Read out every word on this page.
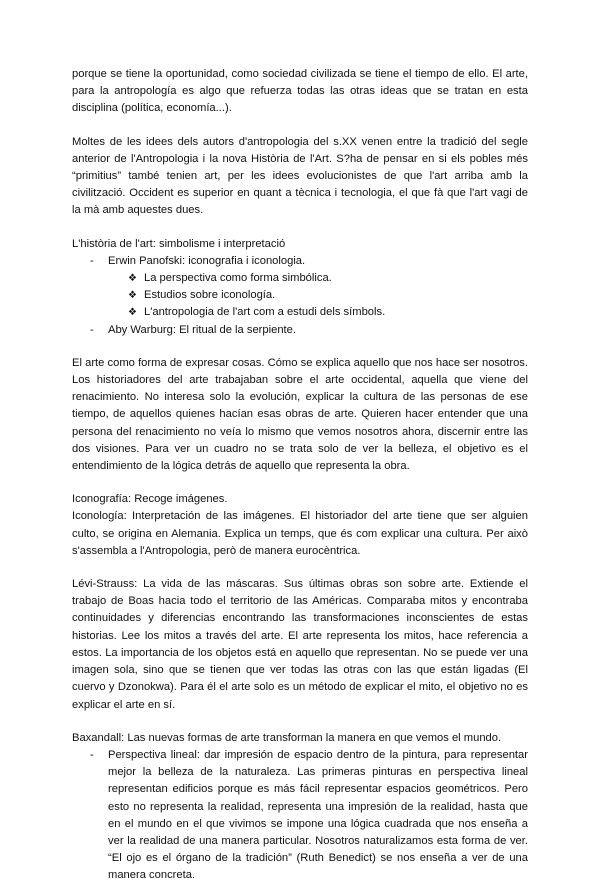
porque se tiene la oportunidad, como sociedad civilizada se tiene el tiempo de ello. El arte, para la antropología es algo que refuerza todas las otras ideas que se tratan en esta disciplina (política, economía...).

Moltes de les idees dels autors d'antropologia del s.XX venen entre la tradició del segle anterior de l'Antropologia i la nova Història de l'Art. S?ha de pensar en si els pobles més “primitius” també tenien art, per les idees evolucionistes de que l'art arriba amb la civilització. Occident es superior en quant a tècnica i tecnologia, el que fà que l'art vagi de la mà amb aquestes dues.

L'història de l'art: simbolisme i interpretació

- Erwin Panofski: iconografia i iconologia.

❖ La perspectiva como forma simbólica.

❖ Estudios sobre iconología.

❖ L'antropologia de l'art com a estudi dels símbols.

- Aby Warburg: El ritual de la serpiente.

El arte como forma de expresar cosas. Cómo se explica aquello que nos hace ser nosotros. Los historiadores del arte trabajaban sobre el arte occidental, aquella que viene del renacimiento. No interesa solo la evolución, explicar la cultura de las personas de ese tiempo, de aquellos quienes hacían esas obras de arte. Quieren hacer entender que una persona del renacimiento no veía lo mismo que vemos nosotros ahora, discernir entre las dos visiones. Para ver un cuadro no se trata solo de ver la belleza, el objetivo es el entendimiento de la lógica detrás de aquello que representa la obra.

Iconografía: Recoge imágenes.

Iconología: Interpretación de las imágenes. El historiador del arte tiene que ser alguien culto, se origina en Alemania. Explica un temps, que és com explicar una cultura. Per això s'assembla a l'Antropologia, però de manera eurocèntrica.

Lévi-Strauss: La vida de las máscaras. Sus últimas obras son sobre arte. Extiende el trabajo de Boas hacia todo el territorio de las Américas. Comparaba mitos y encontraba continuidades y diferencias encontrando las transformaciones inconscientes de estas historias. Lee los mitos a través del arte. El arte representa los mitos, hace referencia a estos. La importancia de los objetos está en aquello que representan. No se puede ver una imagen sola, sino que se tienen que ver todas las otras con las que están ligadas (El cuervo y Dzonokwa). Para él el arte solo es un método de explicar el mito, el objetivo no es explicar el arte en sí.

Baxandall: Las nuevas formas de arte transforman la manera en que vemos el mundo.

- Perspectiva lineal: dar impresión de espacio dentro de la pintura, para representar mejor la belleza de la naturaleza. Las primeras pinturas en perspectiva lineal representan edificios porque es más fácil representar espacios geométricos. Pero esto no representa la realidad, representa una impresión de la realidad, hasta que en el mundo en el que vivimos se impone una lógica cuadrada que nos enseña a ver la realidad de una manera particular. Nosotros naturalizamos esta forma de ver. “El ojo es el órgano de la tradición” (Ruth Benedict) se nos enseña a ver de una manera concreta.
